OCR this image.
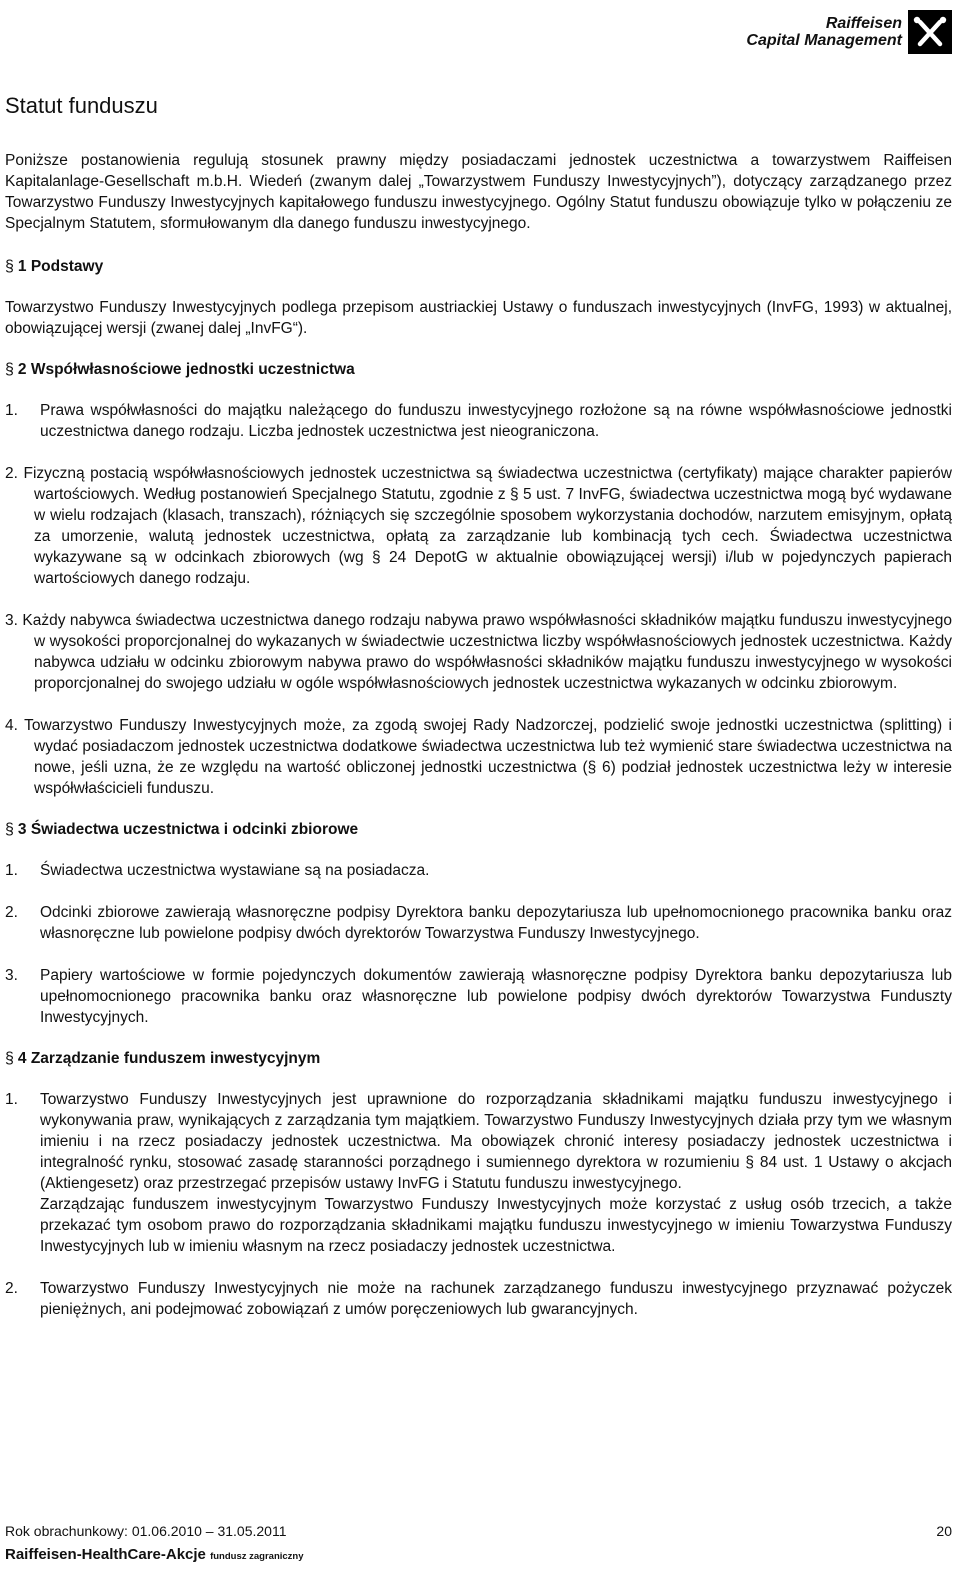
Raiffeisen
Capital Management
Statut funduszu

Poniższe postanowienia regulują stosunek prawny między posiadaczami jednostek uczestnictwa a towarzystwem Raiffeisen Kapitalanlage-Gesellschaft m.b.H. Wiedeń (zwanym dalej „Towarzystwem Funduszy Inwestycyjnych”), dotyczący zarządzanego przez Towarzystwo Funduszy Inwestycyjnych kapitałowego funduszu inwestycyjnego. Ogólny Statut funduszu obowiązuje tylko w połączeniu ze Specjalnym Statutem, sformułowanym dla danego funduszu inwestycyjnego.

§ 1 Podstawy

Towarzystwo Funduszy Inwestycyjnych podlega przepisom austriackiej Ustawy o funduszach inwestycyjnych (InvFG, 1993) w aktualnej, obowiązującej wersji (zwanej dalej „InvFG“).

§ 2 Współwłasnościowe jednostki uczestnictwa
1.	Prawa współwłasności do majątku należącego do funduszu inwestycyjnego rozłożone są na równe współwłasnościowe jednostki uczestnictwa danego rodzaju. Liczba jednostek uczestnictwa jest nieograniczona.
2. Fizyczną postacią współwłasnościowych jednostek uczestnictwa są świadectwa uczestnictwa (certyfikaty) mające charakter papierów wartościowych. Według postanowień Specjalnego Statutu, zgodnie z § 5 ust. 7 InvFG, świadectwa uczestnictwa mogą być wydawane w wielu rodzajach (klasach, transzach), różniących się szczególnie sposobem wykorzystania dochodów, narzutem emisyjnym, opłatą za umorzenie, walutą jednostek uczestnictwa, opłatą za zarządzanie lub kombinacją tych cech. Świadectwa uczestnictwa wykazywane są w odcinkach zbiorowych (wg § 24 DepotG w aktualnie obowiązującej wersji) i/lub w pojedynczych papierach wartościowych danego rodzaju.
3. Każdy nabywca świadectwa uczestnictwa danego rodzaju nabywa prawo współwłasności składników majątku funduszu inwestycyjnego w wysokości proporcjonalnej do wykazanych w świadectwie uczestnictwa liczby współwłasnościowych jednostek uczestnictwa. Każdy nabywca udziału w odcinku zbiorowym nabywa prawo do współwłasności składników majątku funduszu inwestycyjnego w wysokości proporcjonalnej do swojego udziału w ogóle współwłasnościowych jednostek uczestnictwa wykazanych w odcinku zbiorowym.
4. Towarzystwo Funduszy Inwestycyjnych może, za zgodą swojej Rady Nadzorczej, podzielić swoje jednostki uczestnictwa (splitting) i wydać posiadaczom jednostek uczestnictwa dodatkowe świadectwa uczestnictwa lub też wymienić stare świadectwa uczestnictwa na nowe, jeśli uzna, że ze względu na wartość obliczonej jednostki uczestnictwa (§ 6) podział jednostek uczestnictwa leży w interesie współwłaścicieli funduszu.
§ 3 Świadectwa uczestnictwa i odcinki zbiorowe
1.	Świadectwa uczestnictwa wystawiane są na posiadacza.
2.	Odcinki zbiorowe zawierają własnoręczne podpisy Dyrektora banku depozytariusza lub upełnomocnionego pracownika banku oraz własnoręczne lub powielone podpisy dwóch dyrektorów Towarzystwa Funduszy Inwestycyjnego.
3.	Papiery wartościowe w formie pojedynczych dokumentów zawierają własnoręczne podpisy Dyrektora banku depozytariusza lub upełnomocnionego pracownika banku oraz własnoręczne lub powielone podpisy dwóch dyrektorów Towarzystwa Funduszty Inwestycyjnych.
§ 4 Zarządzanie funduszem inwestycyjnym
1.	Towarzystwo Funduszy Inwestycyjnych jest uprawnione do rozporządzania składnikami majątku funduszu inwestycyjnego i wykonywania praw, wynikających z zarządzania tym majątkiem. Towarzystwo Funduszy Inwestycyjnych działa przy tym we własnym imieniu i na rzecz posiadaczy jednostek uczestnictwa. Ma obowiązek chronić interesy posiadaczy jednostek uczestnictwa i integralność rynku, stosować zasadę staranności porządnego i sumiennego dyrektora w rozumieniu § 84 ust. 1 Ustawy o akcjach (Aktiengesetz) oraz przestrzegać przepisów ustawy InvFG i Statutu funduszu inwestycyjnego.
Zarządzając funduszem inwestycyjnym Towarzystwo Funduszy Inwestycyjnych może korzystać z usług osób trzecich, a także przekazać tym osobom prawo do rozporządzania składnikami majątku funduszu inwestycyjnego w imieniu Towarzystwa Funduszy Inwestycyjnych lub w imieniu własnym na rzecz posiadaczy jednostek uczestnictwa.
2.	Towarzystwo Funduszy Inwestycyjnych nie może na rachunek zarządzanego funduszu inwestycyjnego przyznawać pożyczek pieniężnych, ani podejmować zobowiązań z umów poręczeniowych lub gwarancyjnych.
Rok obrachunkowy: 01.06.2010 – 31.05.2011	20
Raiffeisen-HealthCare-Akcje fundusz zagraniczny
